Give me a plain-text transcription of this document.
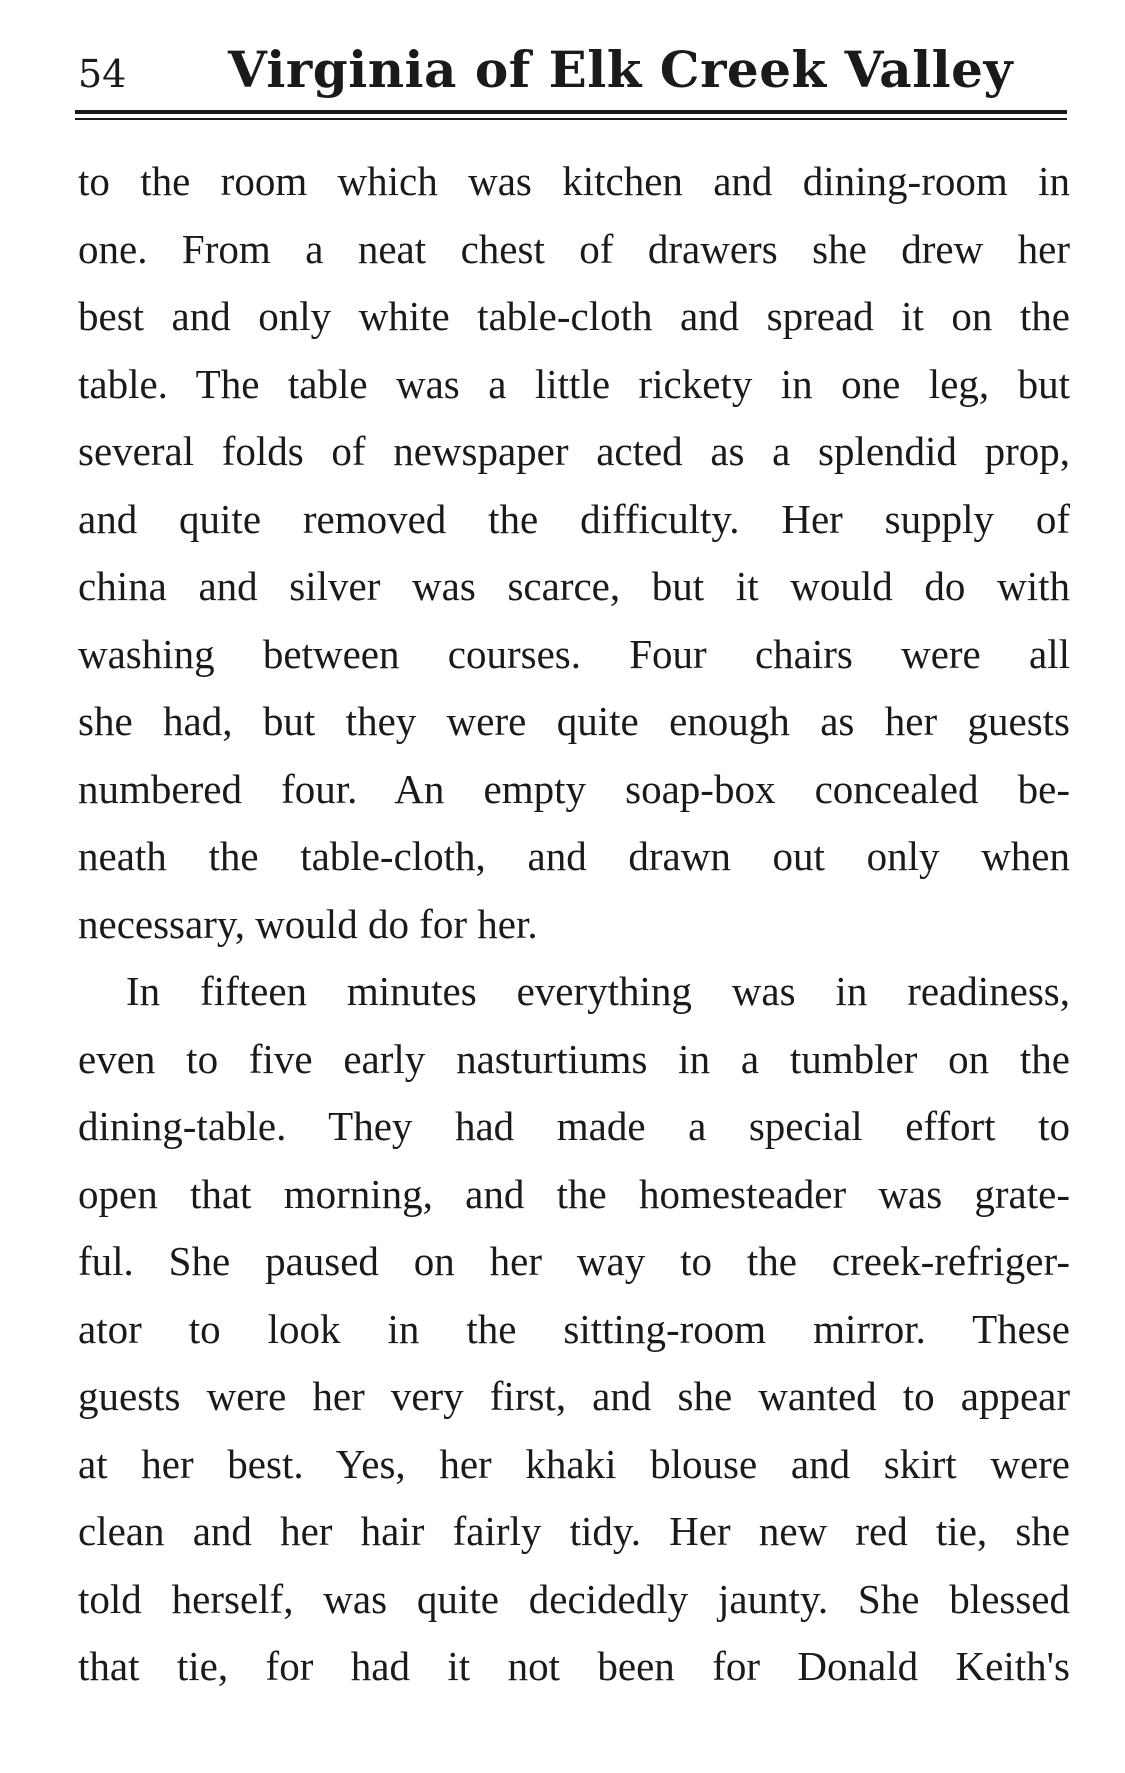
54 Virginia of Elk Creek Valley
to the room which was kitchen and dining-room in
one. From a neat chest of drawers she drew her
best and only white table-cloth and spread it on the
table. The table was a little rickety in one leg, but
several folds of newspaper acted as a splendid prop,
and quite removed the difficulty. Her supply of
china and silver was scarce, but it would do with
washing between courses. Four chairs were all
she had, but they were quite enough as her guests
numbered four. An empty soap-box concealed be-
neath the table-cloth, and drawn out only when
necessary, would do for her.
In fifteen minutes everything was in readiness,
even to five early nasturtiums in a tumbler on the
dining-table. They had made a special effort to
open that morning, and the homesteader was grate-
ful. She paused on her way to the creek-refriger-
ator to look in the sitting-room mirror. These
guests were her very first, and she wanted to appear
at her best. Yes, her khaki blouse and skirt were
clean and her hair fairly tidy. Her new red tie, she
told herself, was quite decidedly jaunty. She blessed
that tie, for had it not been for Donald Keith's
